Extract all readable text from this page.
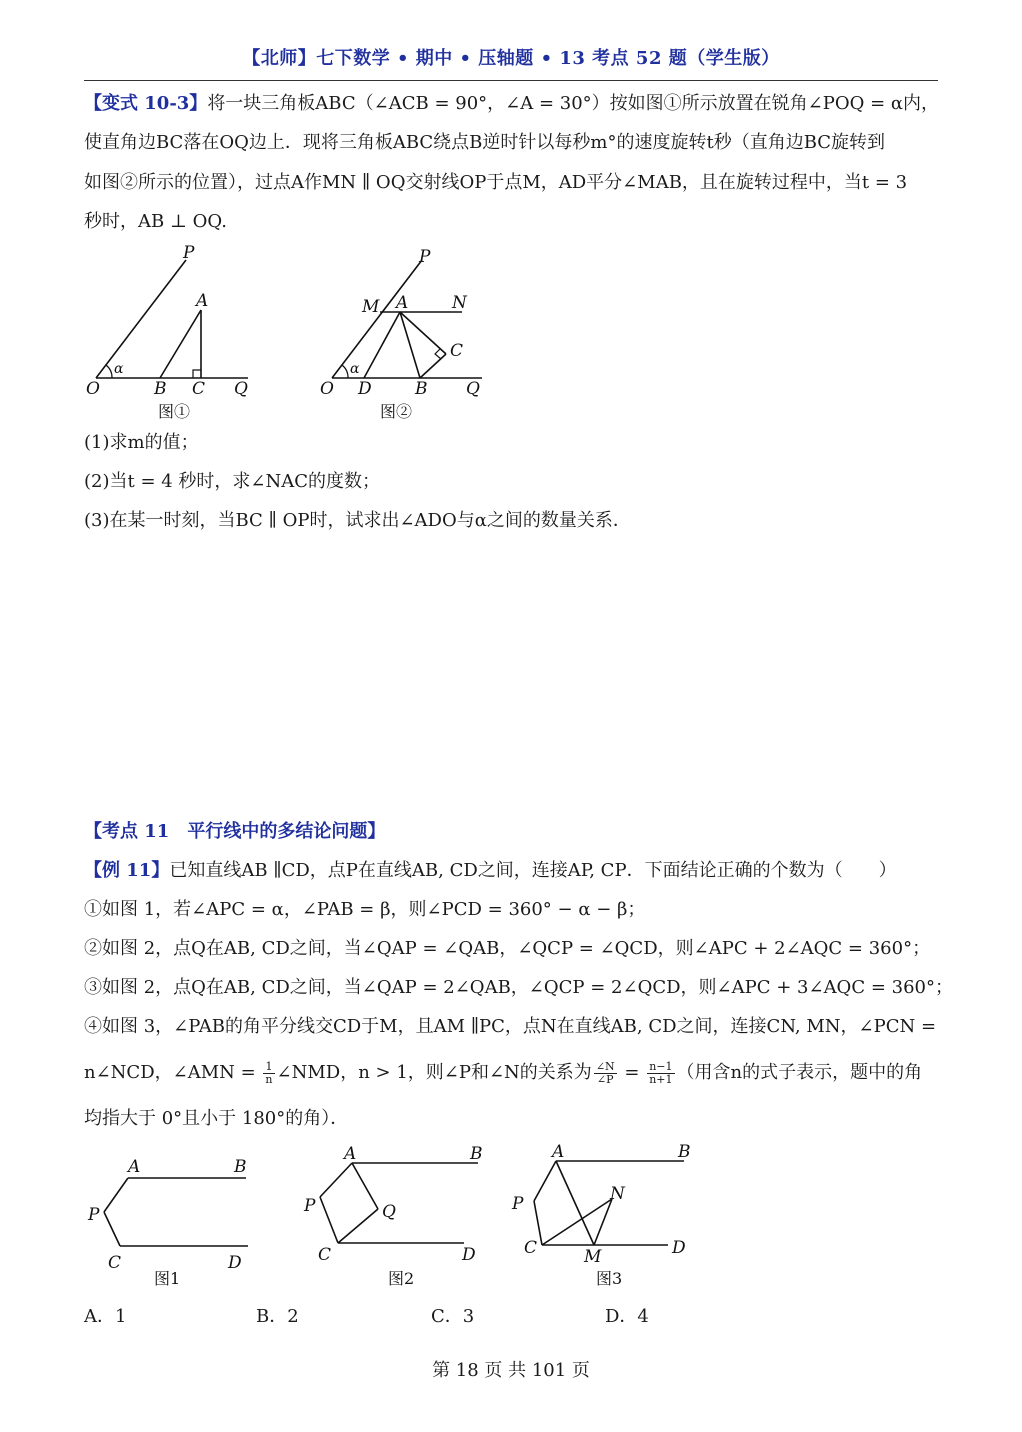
【北师】七下数学 • 期中 • 压轴题 • 13 考点 52 题（学生版）
【变式 10-3】将一块三角板ABC（∠ACB = 90°，∠A = 30°）按如图①所示放置在锐角∠POQ = α内，
使直角边BC落在OQ边上．现将三角板ABC绕点B逆时针以每秒m°的速度旋转t秒（直角边BC旋转到
如图②所示的位置），过点A作MN ∥ OQ交射线OP于点M，AD平分∠MAB，且在旋转过程中，当t = 3
秒时，AB ⊥ OQ.
P
A
α
O	B C Q
图①
P
M A	N
C
α
O D	B Q
图②
(1)求m的值；
(2)当t = 4 秒时，求∠NAC的度数；
(3)在某一时刻，当BC ∥ OP时，试求出∠ADO与α之间的数量关系．
【考点 11　平行线中的多结论问题】
【例 11】已知直线AB ∥CD，点P在直线AB, CD之间，连接AP, CP．下面结论正确的个数为（　　）
①如图 1，若∠APC = α，∠PAB = β，则∠PCD = 360° − α − β；
②如图 2，点Q在AB, CD之间，当∠QAP = ∠QAB，∠QCP = ∠QCD，则∠APC + 2∠AQC = 360°；
③如图 2，点Q在AB, CD之间，当∠QAP = 2∠QAB，∠QCP = 2∠QCD，则∠APC + 3∠AQC = 360°；
④如图 3，∠PAB的角平分线交CD于M，且AM ∥PC，点N在直线AB, CD之间，连接CN, MN，∠PCN =
n∠NCD，∠AMN = $\frac{1}{n}$ ∠NMD，n > 1，则∠P和∠N的关系为 $\frac{\angle N}{\angle P} = \frac{n-1}{n+1}$ （用含n的式子表示，题中的角
均指大于 0°且小于 180°的角）．
A	B
P
C	D
图1
A	B
P	Q
C	D
图2
A	B
P	N
C	M	D
图3
A．1	B．2	C．3	D．4
第 18 页 共 101 页
